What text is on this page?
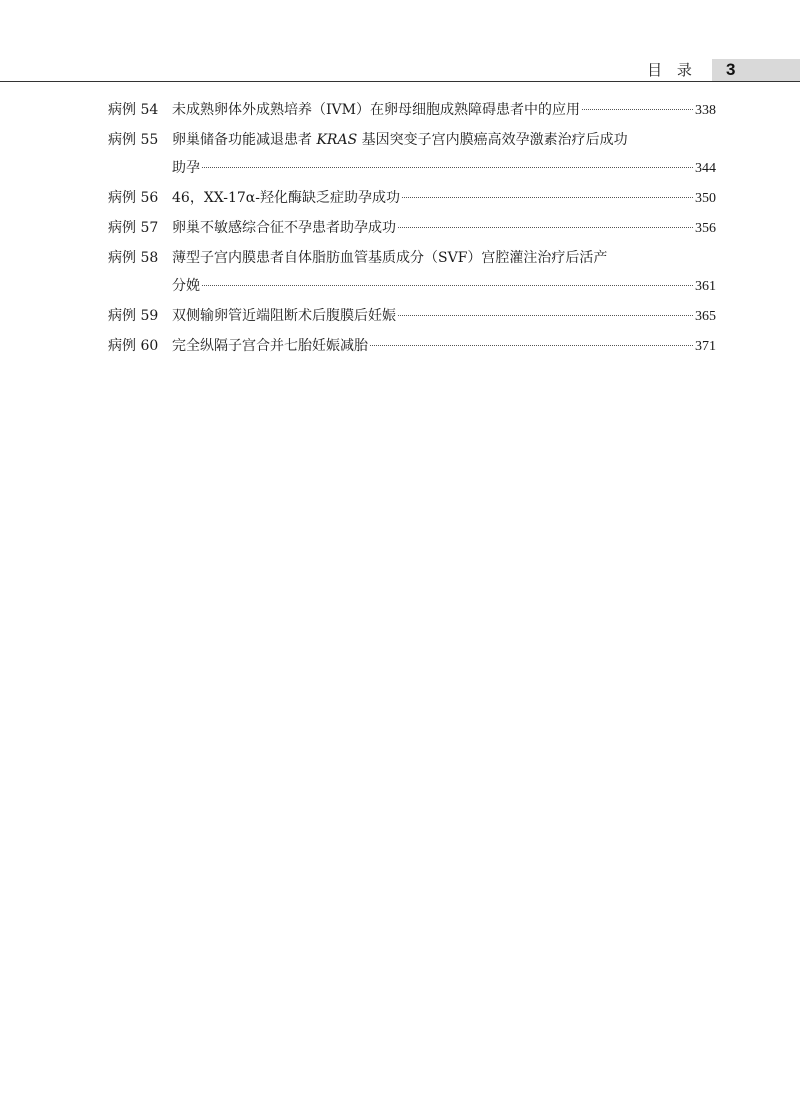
目 录	3
病例 54 未成熟卵体外成熟培养（IVM）在卵母细胞成熟障碍患者中的应用	338
病例 55 卵巢储备功能减退患者 KRAS 基因突变子宫内膜癌高效孕激素治疗后成功
助孕	344
病例 56 46，XX-17α-羟化酶缺乏症助孕成功	350
病例 57 卵巢不敏感综合征不孕患者助孕成功	356
病例 58 薄型子宫内膜患者自体脂肪血管基质成分（SVF）宫腔灌注治疗后活产
分娩	361
病例 59 双侧输卵管近端阻断术后腹膜后妊娠	365
病例 60 完全纵隔子宫合并七胎妊娠减胎	371
